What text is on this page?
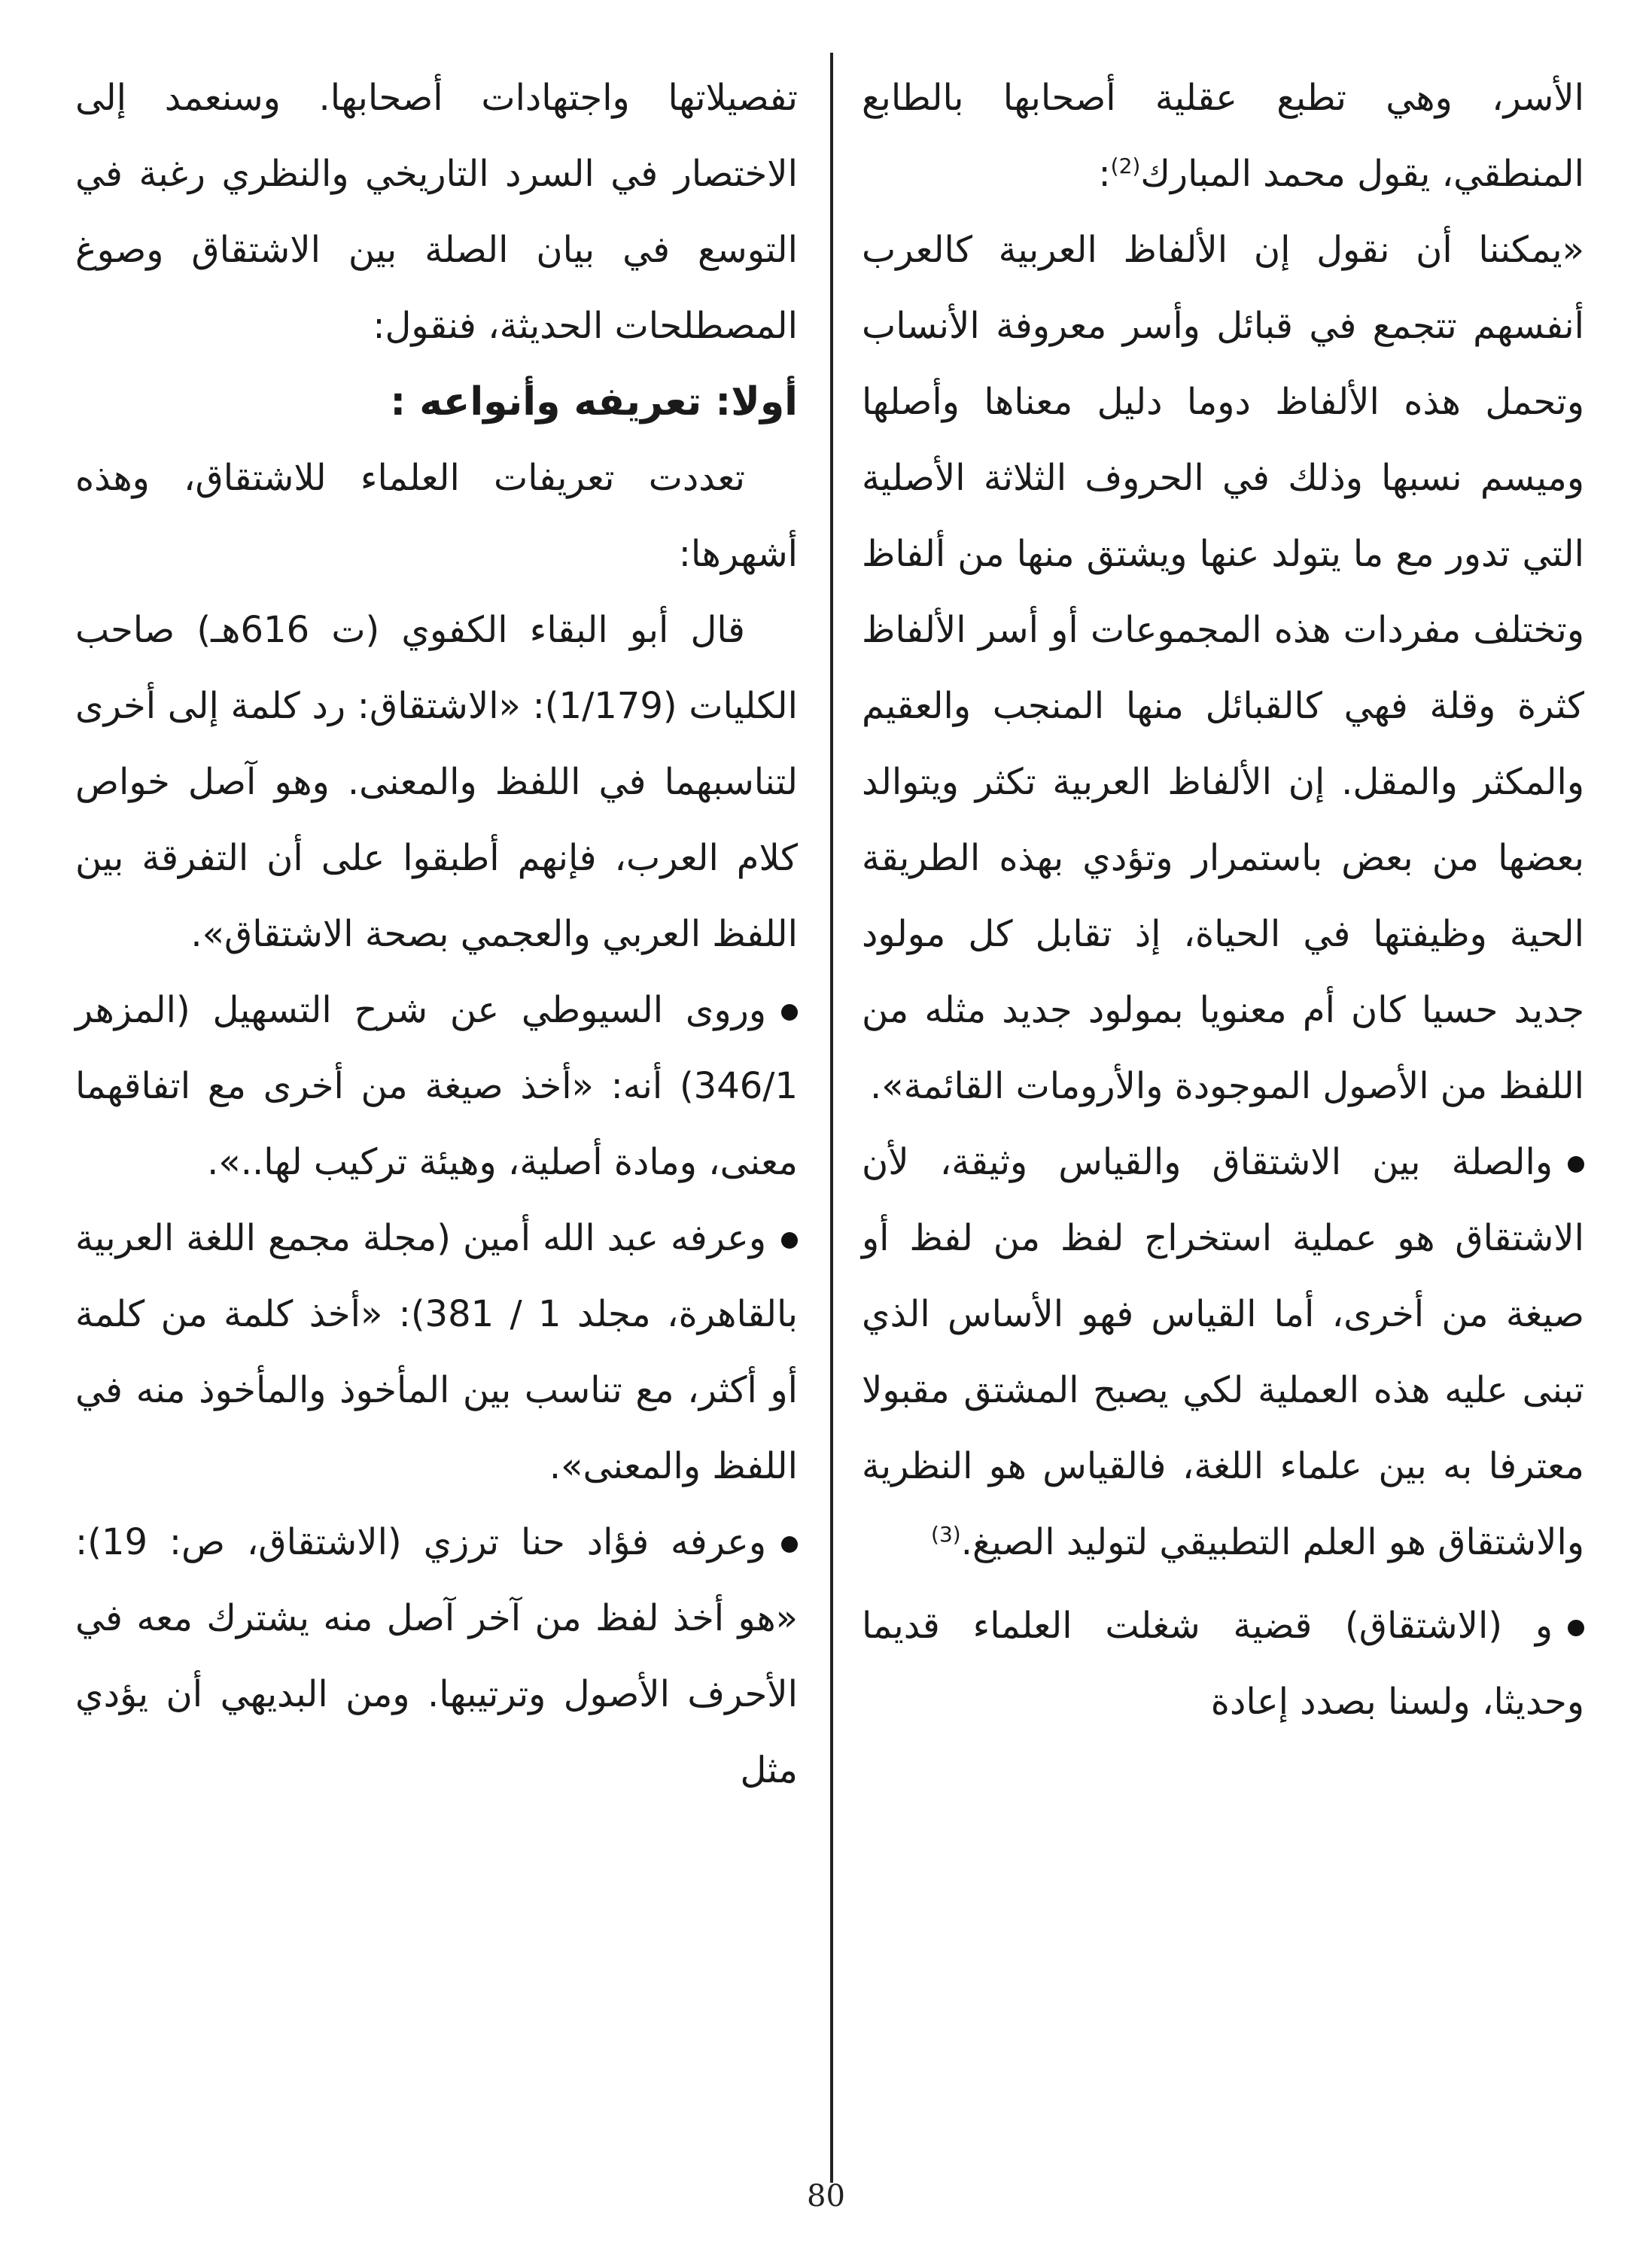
الأسر، وهي تطبع عقلية أصحابها بالطابع المنطقي، يقول محمد المبارك$^{(2)}$:

«يمكننا أن نقول إن الألفاظ العربية كالعرب أنفسهم تتجمع في قبائل وأسر معروفة الأنساب وتحمل هذه الألفاظ دوما دليل معناها وأصلها وميسم نسبها وذلك في الحروف الثلاثة الأصلية التي تدور مع ما يتولد عنها ويشتق منها من ألفاظ وتختلف مفردات هذه المجموعات أو أسر الألفاظ كثرة وقلة فهي كالقبائل منها المنجب والعقيم والمكثر والمقل. إن الألفاظ العربية تكثر ويتوالد بعضها من بعض باستمرار وتؤدي بهذه الطريقة الحية وظيفتها في الحياة، إذ تقابل كل مولود جديد حسيا كان أم معنويا بمولود جديد مثله من اللفظ من الأصول الموجودة والأرومات القائمة».

والصلة بين الاشتقاق والقياس وثيقة، لأن الاشتقاق هو عملية استخراج لفظ من لفظ أو صيغة من أخرى، أما القياس فهو الأساس الذي تبنى عليه هذه العملية لكي يصبح المشتق مقبولا معترفا به بين علماء اللغة، فالقياس هو النظرية والاشتقاق هو العلم التطبيقي لتوليد الصيغ.$^{(3)}$

و (الاشتقاق) قضية شغلت العلماء قديما وحديثا، ولسنا بصدد إعادة

تفصيلاتها واجتهادات أصحابها. وسنعمد إلى الاختصار في السرد التاريخي والنظري رغبة في التوسع في بيان الصلة بين الاشتقاق وصوغ المصطلحات الحديثة، فنقول:

أولا: تعريفه وأنواعه :

تعددت تعريفات العلماء للاشتقاق، وهذه أشهرها:

قال أبو البقاء الكفوي (ت 616هـ) صاحب الكليات (1/179): «الاشتقاق: رد كلمة إلى أخرى لتناسبهما في اللفظ والمعنى. وهو آصل خواص كلام العرب، فإنهم أطبقوا على أن التفرقة بين اللفظ العربي والعجمي بصحة الاشتقاق».

وروى السيوطي عن شرح التسهيل (المزهر 346/1) أنه: «أخذ صيغة من أخرى مع اتفاقهما معنى، ومادة أصلية، وهيئة تركيب لها..».

وعرفه عبد الله أمين (مجلة مجمع اللغة العربية بالقاهرة، مجلد 1 / 381): «أخذ كلمة من كلمة أو أكثر، مع تناسب بين المأخوذ والمأخوذ منه في اللفظ والمعنى».

وعرفه فؤاد حنا ترزي (الاشتقاق، ص: 19): «هو أخذ لفظ من آخر آصل منه يشترك معه في الأحرف الأصول وترتيبها. ومن البديهي أن يؤدي مثل

80
